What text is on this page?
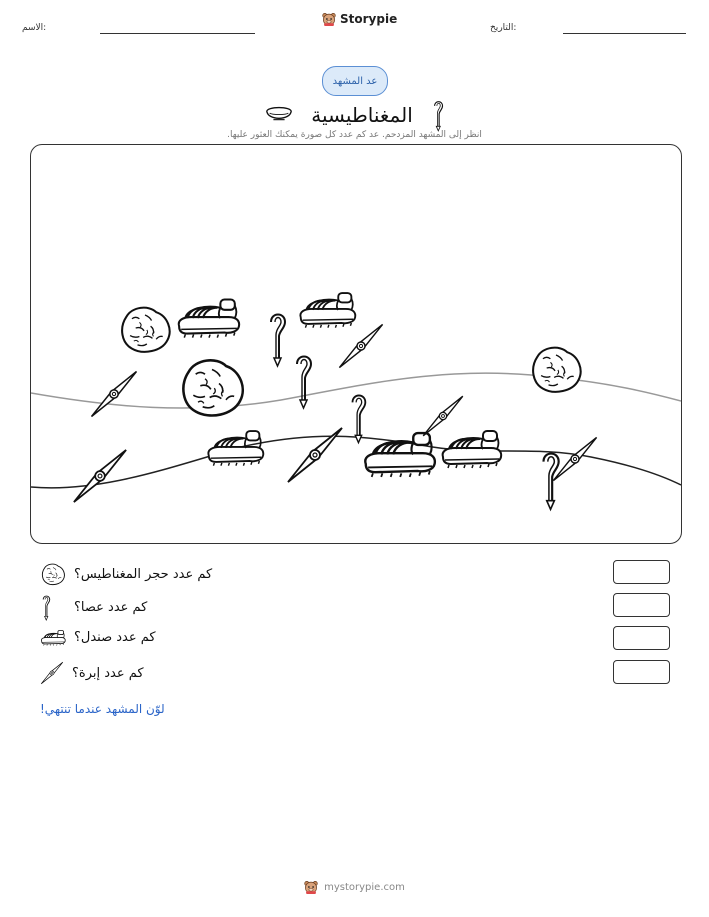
الاسم:	التاريخ:
Storypie
عد المشهد
المغناطيسية
انظر إلى المشهد المزدحم. عد كم عدد كل صورة يمكنك العثور عليها.
كم عدد حجر المغناطيس؟
كم عدد عصا؟
كم عدد صندل؟
كم عدد إبرة؟
لوّن المشهد عندما تنتهي!
mystorypie.com
